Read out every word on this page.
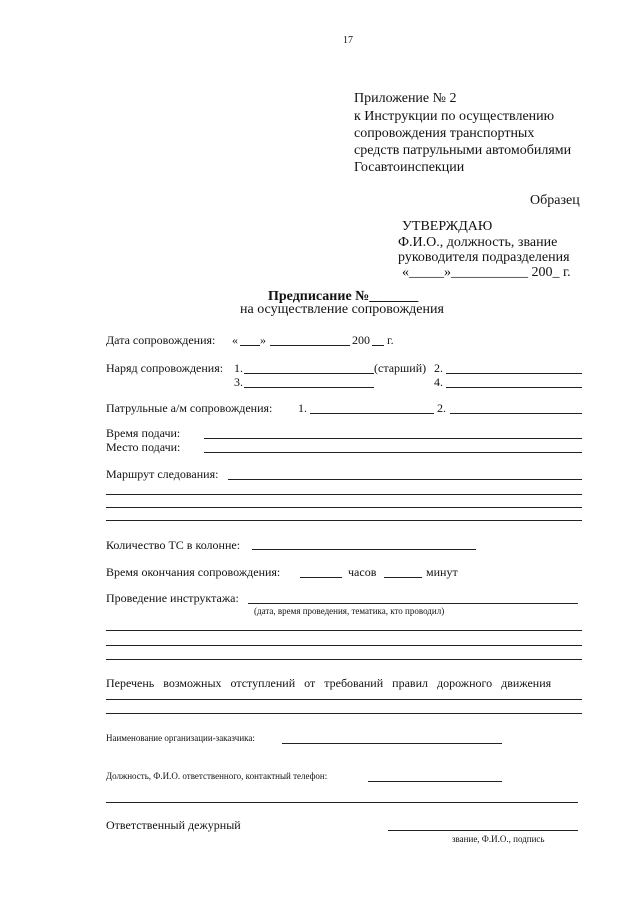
17
Приложение № 2
к Инструкции по осуществлению
сопровождения транспортных
средств патрульными автомобилями
Госавтоинспекции
Образец
УТВЕРЖДАЮ
Ф.И.О., должность, звание
руководителя подразделения
«_____»___________ 200_ г.
Предписание №_______
на осуществление сопровождения
Дата сопровождения: « »	200 г.
Наряд сопровождения: 1.	(старший) 2.
3.	4.
Патрульные а/м сопровождения: 1.	2.
Время подачи:
Место подачи:
Маршрут следования:
Количество ТС в колонне:
Время окончания сопровождения:	часов	минут
Проведение инструктажа:
(дата, время проведения, тематика, кто проводил)
Перечень возможных отступлений от требований правил дорожного движения
Наименование организации-заказчика:
Должность, Ф.И.О. ответственного, контактный телефон:
Ответственный дежурный
звание, Ф.И.О., подпись
